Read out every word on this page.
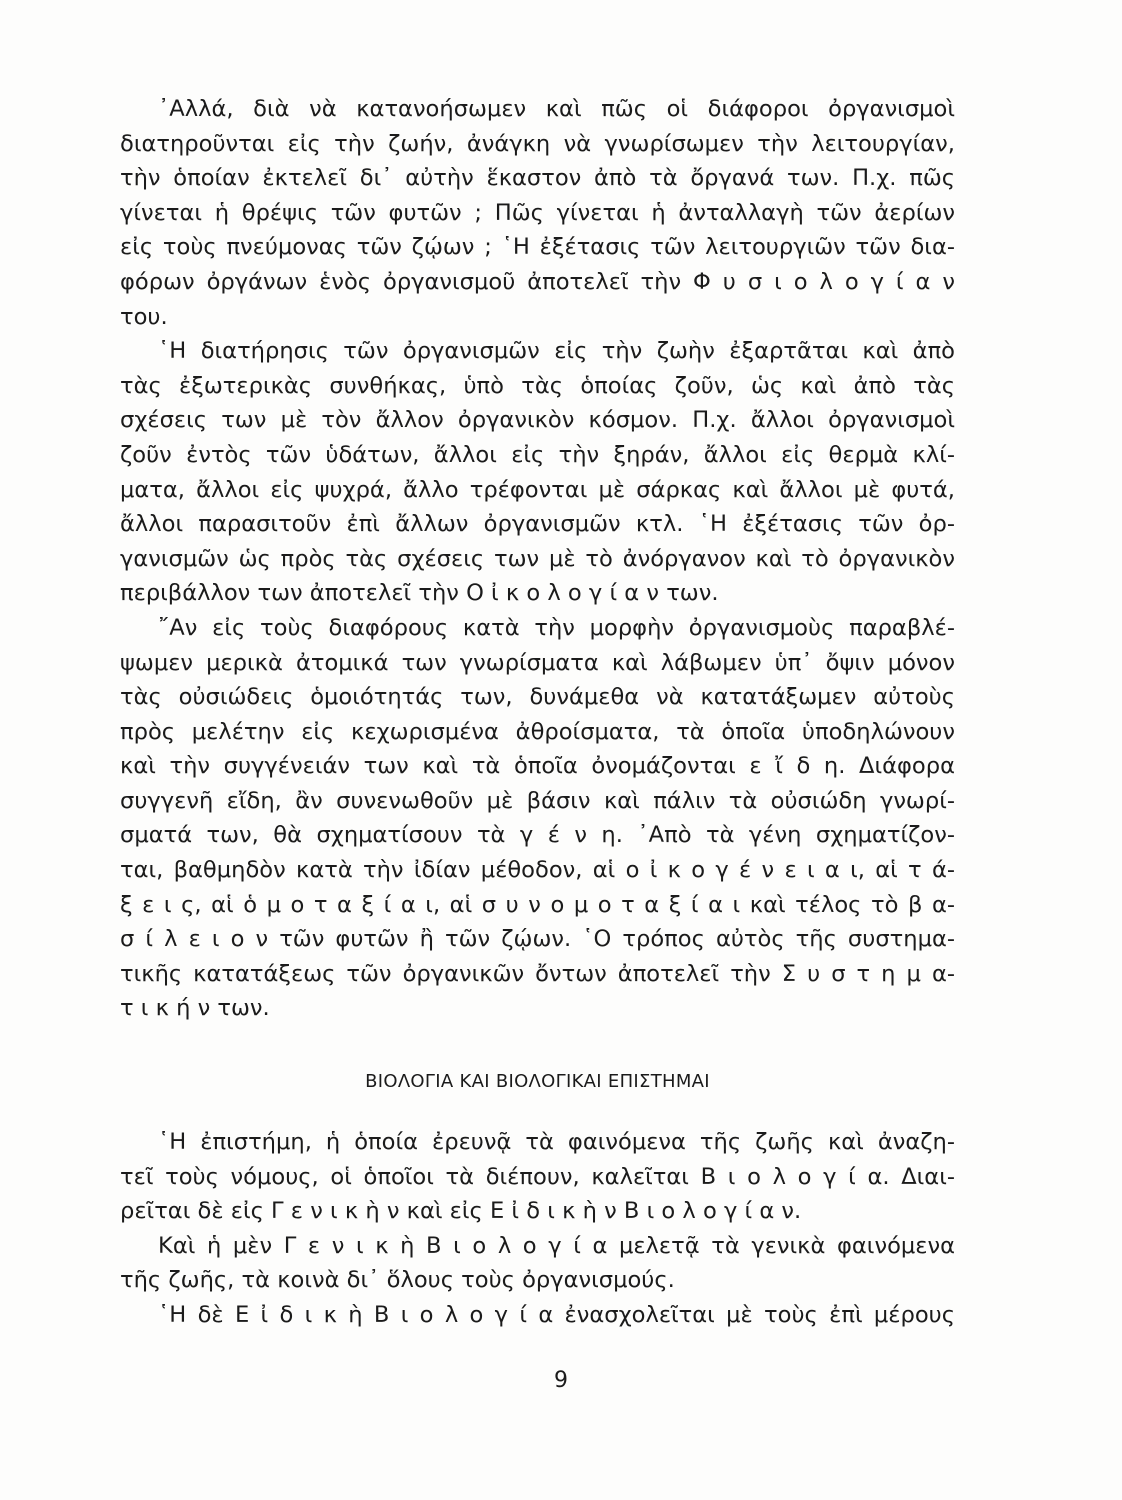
᾿Αλλά, διὰ νὰ κατανοήσωμεν καὶ πῶς οἱ διάφοροι ὀργανισμοὶ
διατηροῦνται εἰς τὴν ζωήν, ἀνάγκη νὰ γνωρίσωμεν τὴν λειτουργίαν,
τὴν ὁποίαν ἐκτελεῖ δι᾿ αὐτὴν ἕκαστον ἀπὸ τὰ ὄργανά των. Π.χ. πῶς
γίνεται ἡ θρέψις τῶν φυτῶν ; Πῶς γίνεται ἡ ἀνταλλαγὴ τῶν ἀερίων
εἰς τοὺς πνεύμονας τῶν ζῴων ; ῾Η ἐξέτασις τῶν λειτουργιῶν τῶν δια-
φόρων ὀργάνων ἑνὸς ὀργανισμοῦ ἀποτελεῖ τὴν Φ υ σ ι ο λ ο γ ί α ν
του.
῾Η διατήρησις τῶν ὀργανισμῶν εἰς τὴν ζωὴν ἐξαρτᾶται καὶ ἀπὸ
τὰς ἐξωτερικὰς συνθήκας, ὑπὸ τὰς ὁποίας ζοῦν, ὡς καὶ ἀπὸ τὰς
σχέσεις των μὲ τὸν ἄλλον ὀργανικὸν κόσμον. Π.χ. ἄλλοι ὀργανισμοὶ
ζοῦν ἐντὸς τῶν ὑδάτων, ἄλλοι εἰς τὴν ξηράν, ἄλλοι εἰς θερμὰ κλί-
ματα, ἄλλοι εἰς ψυχρά, ἄλλο τρέφονται μὲ σάρκας καὶ ἄλλοι μὲ φυτά,
ἄλλοι παρασιτοῦν ἐπὶ ἄλλων ὀργανισμῶν κτλ. ῾Η ἐξέτασις τῶν ὀρ-
γανισμῶν ὡς πρὸς τὰς σχέσεις των μὲ τὸ ἀνόργανον καὶ τὸ ὀργανικὸν
περιβάλλον των ἀποτελεῖ τὴν Ο ἰ κ ο λ ο γ ί α ν των.
῎Αν εἰς τοὺς διαφόρους κατὰ τὴν μορφὴν ὀργανισμοὺς παραβλέ-
ψωμεν μερικὰ ἀτομικά των γνωρίσματα καὶ λάβωμεν ὑπ᾿ ὄψιν μόνον
τὰς οὐσιώδεις ὁμοιότητάς των, δυνάμεθα νὰ κατατάξωμεν αὐτοὺς
πρὸς μελέτην εἰς κεχωρισμένα ἀθροίσματα, τὰ ὁποῖα ὑποδηλώνουν
καὶ τὴν συγγένειάν των καὶ τὰ ὁποῖα ὀνομάζονται ε ἴ δ η. Διάφορα
συγγενῆ εἴδη, ἂν συνενωθοῦν μὲ βάσιν καὶ πάλιν τὰ οὐσιώδη γνωρί-
σματά των, θὰ σχηματίσουν τὰ γ έ ν η. ᾿Απὸ τὰ γένη σχηματίζον-
ται, βαθμηδὸν κατὰ τὴν ἰδίαν μέθοδον, αἱ ο ἰ κ ο γ έ ν ε ι α ι, αἱ τ ά-
ξ ε ι ς, αἱ ὁ μ ο τ α ξ ί α ι, αἱ σ υ ν ο μ ο τ α ξ ί α ι καὶ τέλος τὸ β α-
σ ί λ ε ι ο ν τῶν φυτῶν ἢ τῶν ζῴων. ῾Ο τρόπος αὐτὸς τῆς συστημα-
τικῆς κατατάξεως τῶν ὀργανικῶν ὄντων ἀποτελεῖ τὴν Σ υ σ τ η μ α-
τ ι κ ή ν των.
ΒΙΟΛΟΓΙΑ ΚΑΙ ΒΙΟΛΟΓΙΚΑΙ ΕΠΙΣΤΗΜΑΙ
῾Η ἐπιστήμη, ἡ ὁποία ἐρευνᾷ τὰ φαινόμενα τῆς ζωῆς καὶ ἀναζη-
τεῖ τοὺς νόμους, οἱ ὁποῖοι τὰ διέπουν, καλεῖται Β ι ο λ ο γ ί α. Διαι-
ρεῖται δὲ εἰς Γ ε ν ι κ ὴ ν καὶ εἰς Ε ἰ δ ι κ ὴ ν Β ι ο λ ο γ ί α ν.
Καὶ ἡ μὲν Γ ε ν ι κ ὴ Β ι ο λ ο γ ί α μελετᾷ τὰ γενικὰ φαινόμενα
τῆς ζωῆς, τὰ κοινὰ δι᾿ ὅλους τοὺς ὀργανισμούς.
῾Η δὲ Ε ἰ δ ι κ ὴ Β ι ο λ ο γ ί α ἐνασχολεῖται μὲ τοὺς ἐπὶ μέρους
9
